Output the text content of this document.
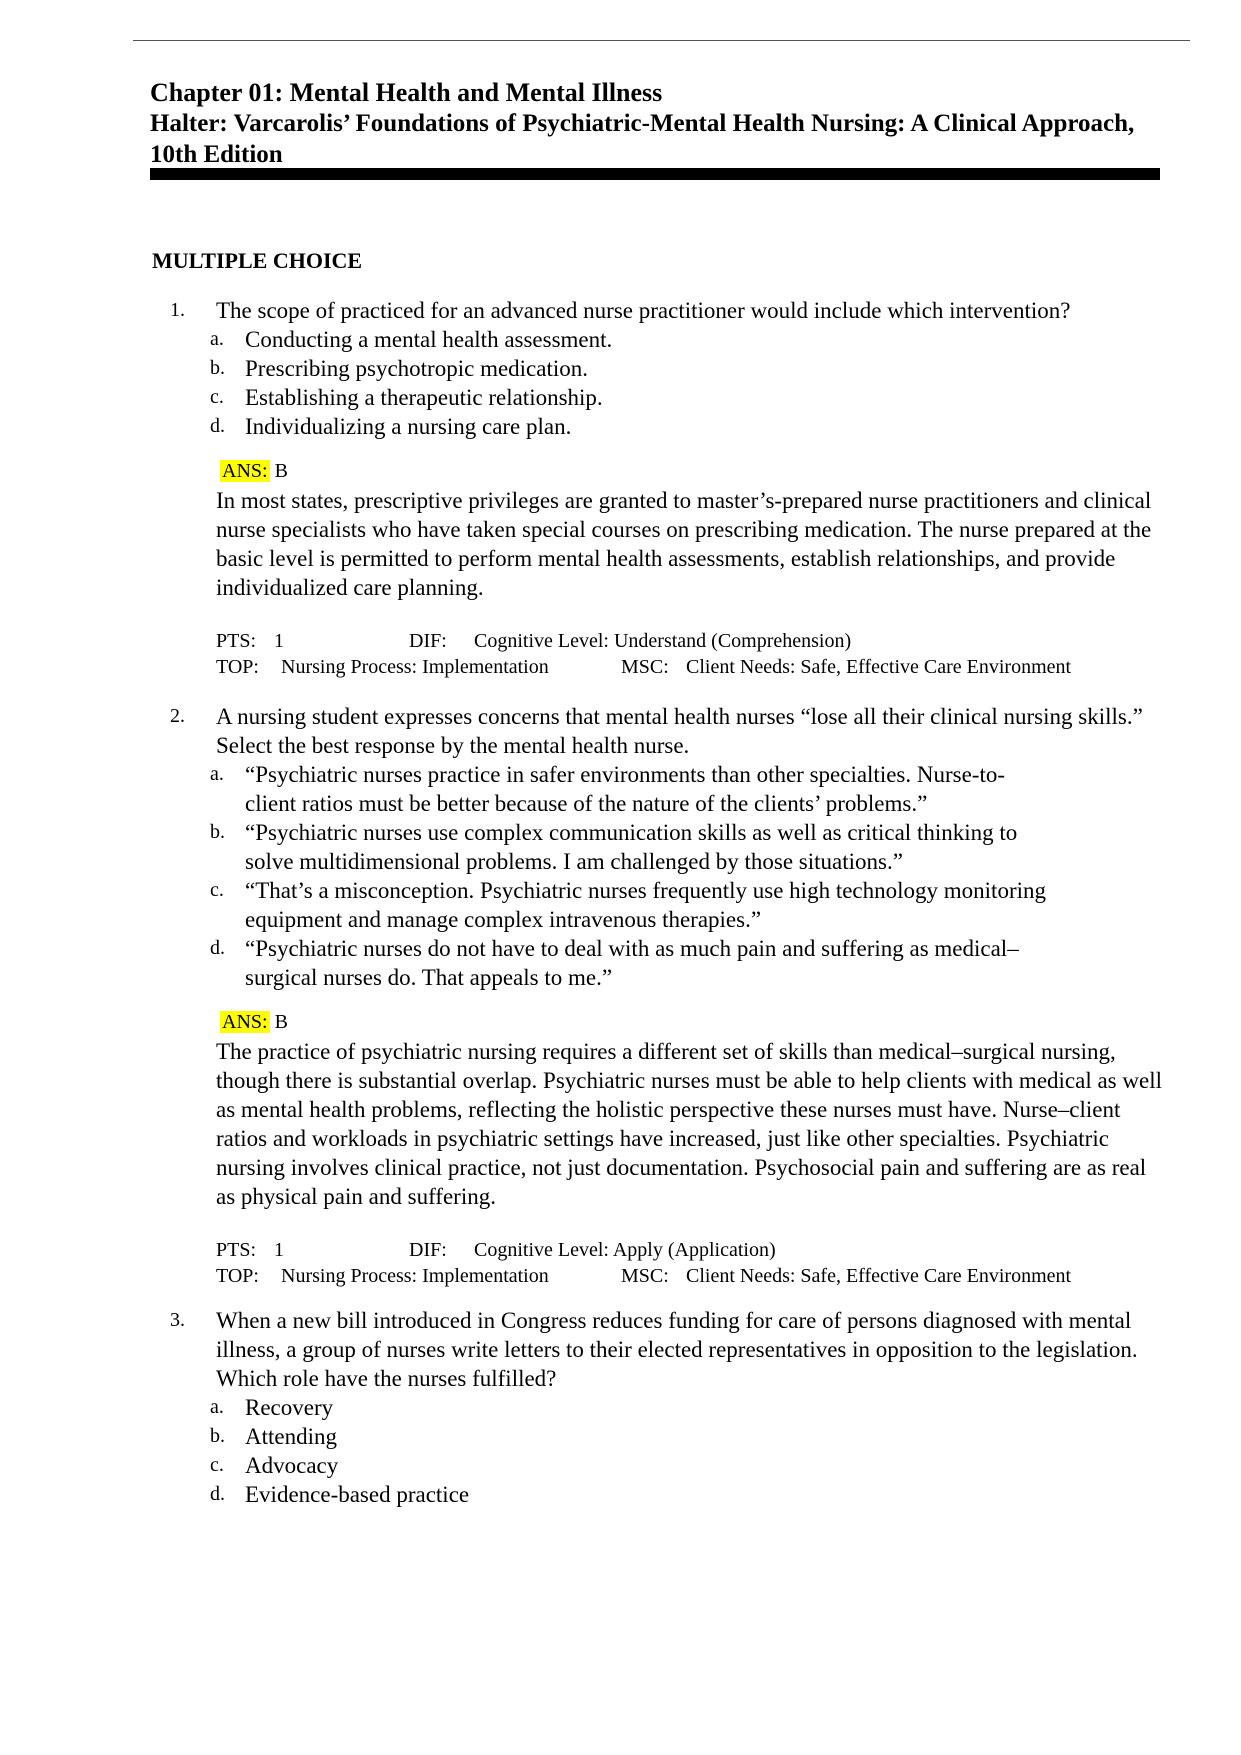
Chapter 01: Mental Health and Mental Illness
Halter: Varcarolis’ Foundations of Psychiatric-Mental Health Nursing: A Clinical Approach, 10th Edition
MULTIPLE CHOICE
1.	The scope of practiced for an advanced nurse practitioner would include which intervention?
a. Conducting a mental health assessment.
b. Prescribing psychotropic medication.
c. Establishing a therapeutic relationship.
d. Individualizing a nursing care plan.
ANS: B
In most states, prescriptive privileges are granted to master’s-prepared nurse practitioners and clinical nurse specialists who have taken special courses on prescribing medication. The nurse prepared at the basic level is permitted to perform mental health assessments, establish relationships, and provide individualized care planning.
PTS: 1	DIF:	Cognitive Level: Understand (Comprehension)
TOP:	Nursing Process: Implementation	MSC: Client Needs: Safe, Effective Care Environment
2.	A nursing student expresses concerns that mental health nurses “lose all their clinical nursing skills.” Select the best response by the mental health nurse.
a. “Psychiatric nurses practice in safer environments than other specialties. Nurse-to-client ratios must be better because of the nature of the clients’ problems.”
b. “Psychiatric nurses use complex communication skills as well as critical thinking to solve multidimensional problems. I am challenged by those situations.”
c. “That’s a misconception. Psychiatric nurses frequently use high technology monitoring equipment and manage complex intravenous therapies.”
d. “Psychiatric nurses do not have to deal with as much pain and suffering as medical–surgical nurses do. That appeals to me.”
ANS: B
The practice of psychiatric nursing requires a different set of skills than medical–surgical nursing, though there is substantial overlap. Psychiatric nurses must be able to help clients with medical as well as mental health problems, reflecting the holistic perspective these nurses must have. Nurse–client ratios and workloads in psychiatric settings have increased, just like other specialties. Psychiatric nursing involves clinical practice, not just documentation. Psychosocial pain and suffering are as real as physical pain and suffering.
PTS: 1	DIF:	Cognitive Level: Apply (Application)
TOP:	Nursing Process: Implementation	MSC: Client Needs: Safe, Effective Care Environment
3.	When a new bill introduced in Congress reduces funding for care of persons diagnosed with mental illness, a group of nurses write letters to their elected representatives in opposition to the legislation. Which role have the nurses fulfilled?
a. Recovery
b. Attending
c. Advocacy
d. Evidence-based practice
